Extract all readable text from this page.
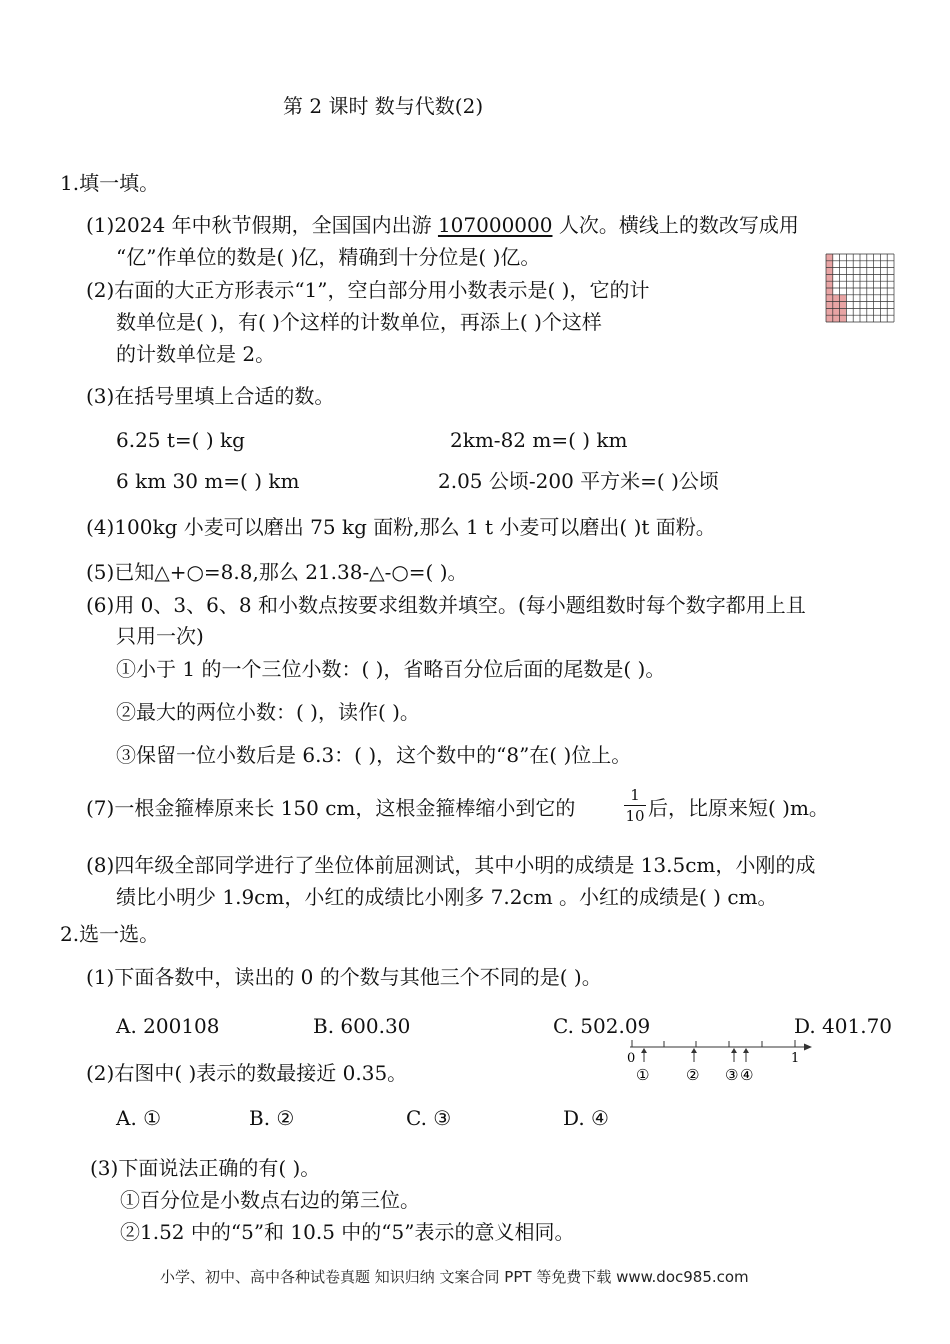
第 2 课时 数与代数(2)
1.填一填。
(1)2024 年中秋节假期，全国国内出游 107000000 人次。横线上的数改写成用
“亿”作单位的数是( )亿，精确到十分位是( )亿。
(2)右面的大正方形表示“1”，空白部分用小数表示是( )，它的计
数单位是( )，有( )个这样的计数单位，再添上( )个这样
的计数单位是 2。
(3)在括号里填上合适的数。
6.25 t=( ) kg	2km-82 m=( ) km
6 km 30 m=( ) km	2.05 公顷-200 平方米=( )公顷
(4)100kg 小麦可以磨出 75 kg 面粉,那么 1 t 小麦可以磨出( )t 面粉。
(5)已知△+○=8.8,那么 21.38-△-○=( )。
(6)用 0、3、6、8 和小数点按要求组数并填空。(每小题组数时每个数字都用上且
只用一次)
①小于 1 的一个三位小数：( )，省略百分位后面的尾数是( )。
②最大的两位小数：( )，读作( )。
③保留一位小数后是 6.3：( )，这个数中的“8”在( )位上。
(7)一根金箍棒原来长 150 cm，这根金箍棒缩小到它的
1
10 后，比原来短( )m。
(8)四年级全部同学进行了坐位体前屈测试，其中小明的成绩是 13.5cm，小刚的成
绩比小明少 1.9cm，小红的成绩比小刚多 7.2cm 。小红的成绩是( ) cm。
2.选一选。
(1)下面各数中，读出的 0 的个数与其他三个不同的是( )。
A. 200108	B. 600.30	C. 502.09	D. 401.70
0	1
① ② ③ ④
(2)右图中( )表示的数最接近 0.35。
A. ①	B. ②	C. ③	D. ④
(3)下面说法正确的有( )。
①百分位是小数点右边的第三位。
②1.52 中的“5”和 10.5 中的“5”表示的意义相同。
小学、初中、高中各种试卷真题 知识归纳 文案合同 PPT 等免费下载 www.doc985.com
